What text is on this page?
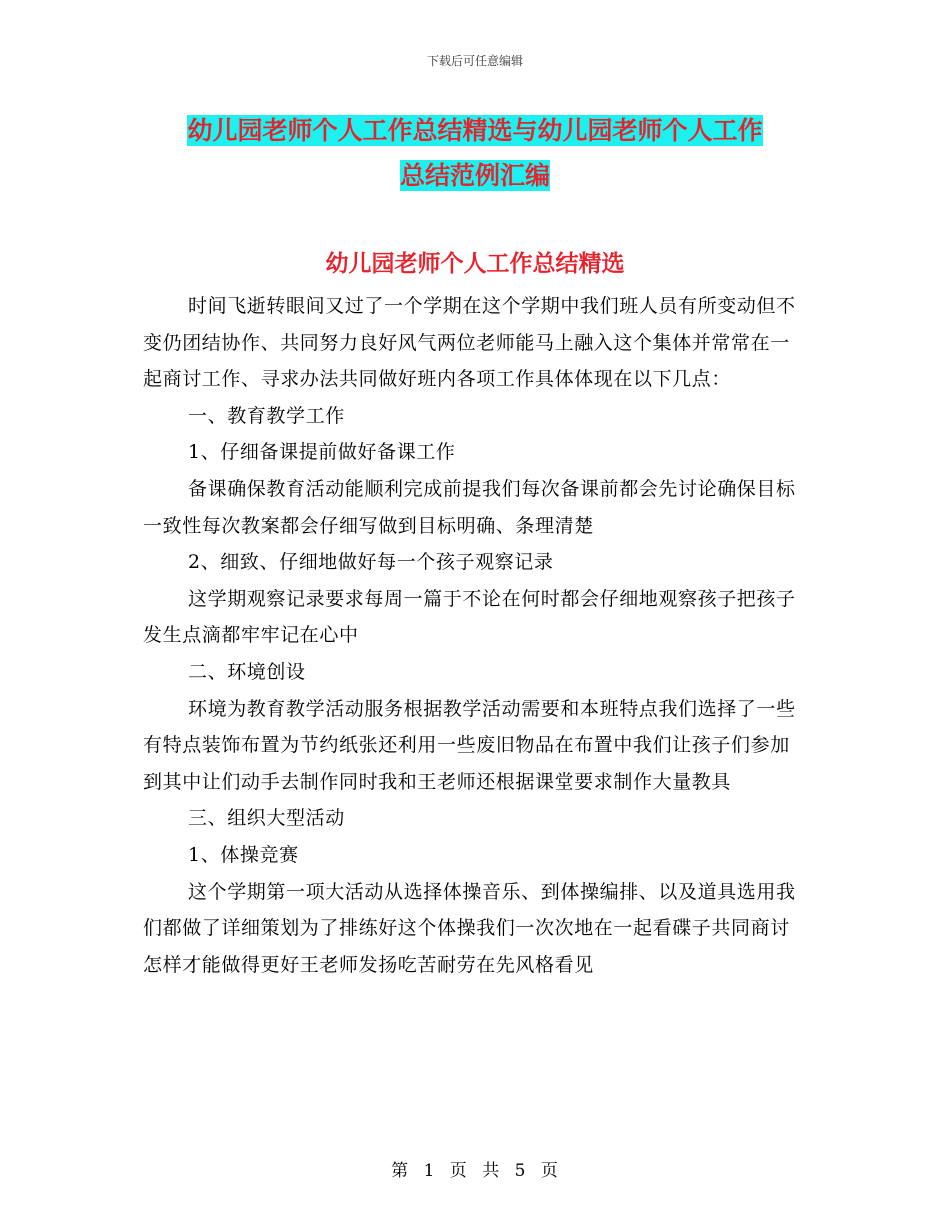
下载后可任意编辑
幼儿园老师个人工作总结精选与幼儿园老师个人工作
总结范例汇编
幼儿园老师个人工作总结精选

时间飞逝转眼间又过了一个学期在这个学期中我们班人员有所变动但不变仍团结协作、共同努力良好风气两位老师能马上融入这个集体并常常在一起商讨工作、寻求办法共同做好班内各项工作具体体现在以下几点：

一、教育教学工作

1、仔细备课提前做好备课工作

备课确保教育活动能顺利完成前提我们每次备课前都会先讨论确保目标一致性每次教案都会仔细写做到目标明确、条理清楚

2、细致、仔细地做好每一个孩子观察记录

这学期观察记录要求每周一篇于不论在何时都会仔细地观察孩子把孩子发生点滴都牢牢记在心中

二、环境创设

环境为教育教学活动服务根据教学活动需要和本班特点我们选择了一些有特点装饰布置为节约纸张还利用一些废旧物品在布置中我们让孩子们参加到其中让们动手去制作同时我和王老师还根据课堂要求制作大量教具

三、组织大型活动

1、体操竞赛

这个学期第一项大活动从选择体操音乐、到体操编排、以及道具选用我们都做了详细策划为了排练好这个体操我们一次次地在一起看碟子共同商讨怎样才能做得更好王老师发扬吃苦耐劳在先风格看见

第 1 页 共 5 页
